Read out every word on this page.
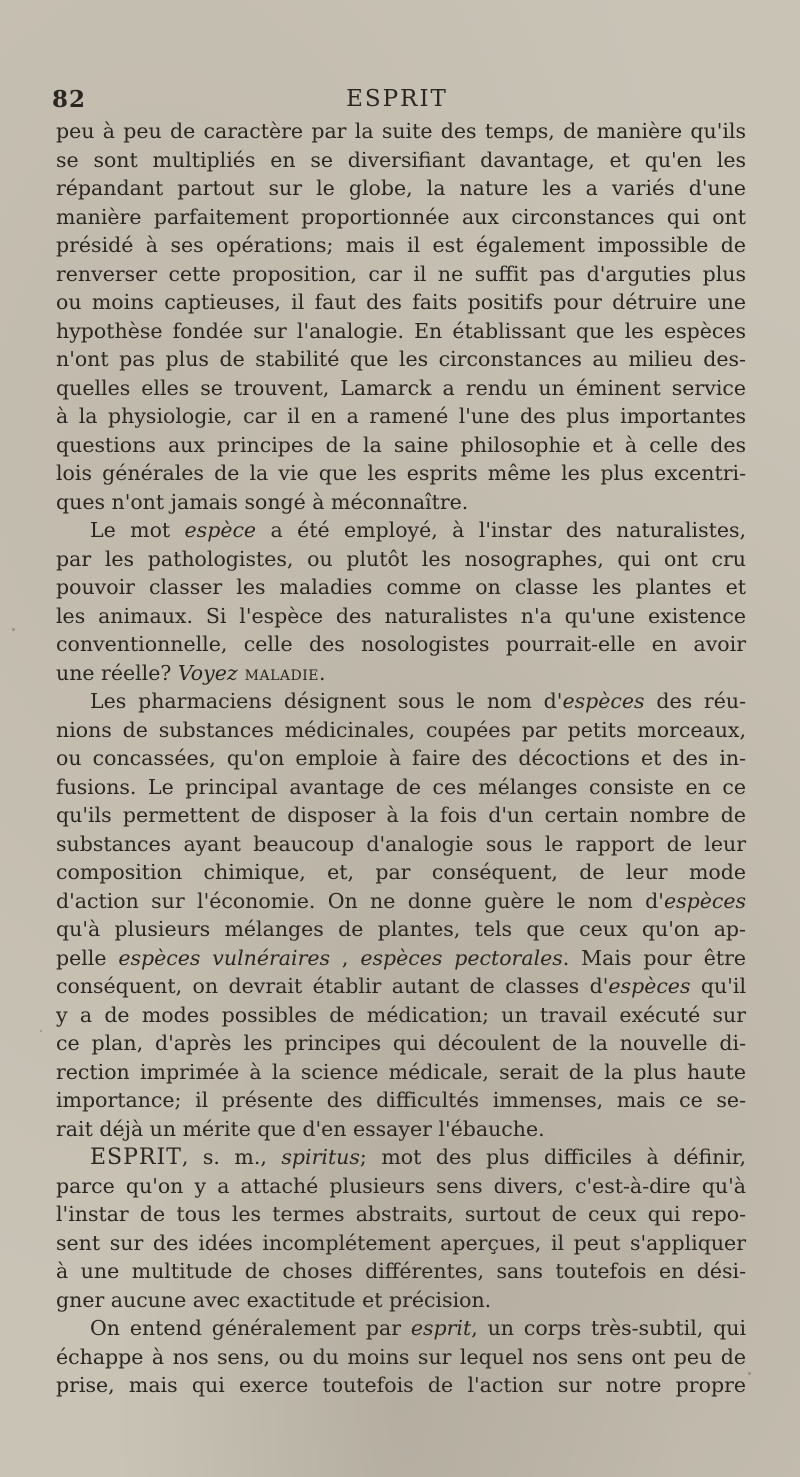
82	ESPRIT
peu à peu de caractère par la suite des temps, de manière qu'ils
se sont multipliés en se diversifiant davantage, et qu'en les
répandant partout sur le globe, la nature les a variés d'une
manière parfaitement proportionnée aux circonstances qui ont
présidé à ses opérations; mais il est également impossible de
renverser cette proposition, car il ne suffit pas d'arguties plus
ou moins captieuses, il faut des faits positifs pour détruire une
hypothèse fondée sur l'analogie. En établissant que les espèces
n'ont pas plus de stabilité que les circonstances au milieu des-
quelles elles se trouvent, Lamarck a rendu un éminent service
à la physiologie, car il en a ramené l'une des plus importantes
questions aux principes de la saine philosophie et à celle des
lois générales de la vie que les esprits même les plus excentri-
ques n'ont jamais songé à méconnaître.
Le mot espèce a été employé, à l'instar des naturalistes,
par les pathologistes, ou plutôt les nosographes, qui ont cru
pouvoir classer les maladies comme on classe les plantes et
les animaux. Si l'espèce des naturalistes n'a qu'une existence
conventionnelle, celle des nosologistes pourrait-elle en avoir
une réelle? Voyez maladie.
Les pharmaciens désignent sous le nom d'espèces des réu-
nions de substances médicinales, coupées par petits morceaux,
ou concassées, qu'on emploie à faire des décoctions et des in-
fusions. Le principal avantage de ces mélanges consiste en ce
qu'ils permettent de disposer à la fois d'un certain nombre de
substances ayant beaucoup d'analogie sous le rapport de leur
composition chimique, et, par conséquent, de leur mode
d'action sur l'économie. On ne donne guère le nom d'espèces
qu'à plusieurs mélanges de plantes, tels que ceux qu'on ap-
pelle espèces vulnéraires , espèces pectorales. Mais pour être
conséquent, on devrait établir autant de classes d'espèces qu'il
y a de modes possibles de médication; un travail exécuté sur
ce plan, d'après les principes qui découlent de la nouvelle di-
rection imprimée à la science médicale, serait de la plus haute
importance; il présente des difficultés immenses, mais ce se-
rait déjà un mérite que d'en essayer l'ébauche.
ESPRIT, s. m., spiritus; mot des plus difficiles à définir,
parce qu'on y a attaché plusieurs sens divers, c'est-à-dire qu'à
l'instar de tous les termes abstraits, surtout de ceux qui repo-
sent sur des idées incomplétement aperçues, il peut s'appliquer
à une multitude de choses différentes, sans toutefois en dési-
gner aucune avec exactitude et précision.
On entend généralement par esprit, un corps très-subtil, qui
échappe à nos sens, ou du moins sur lequel nos sens ont peu de
prise, mais qui exerce toutefois de l'action sur notre propre
